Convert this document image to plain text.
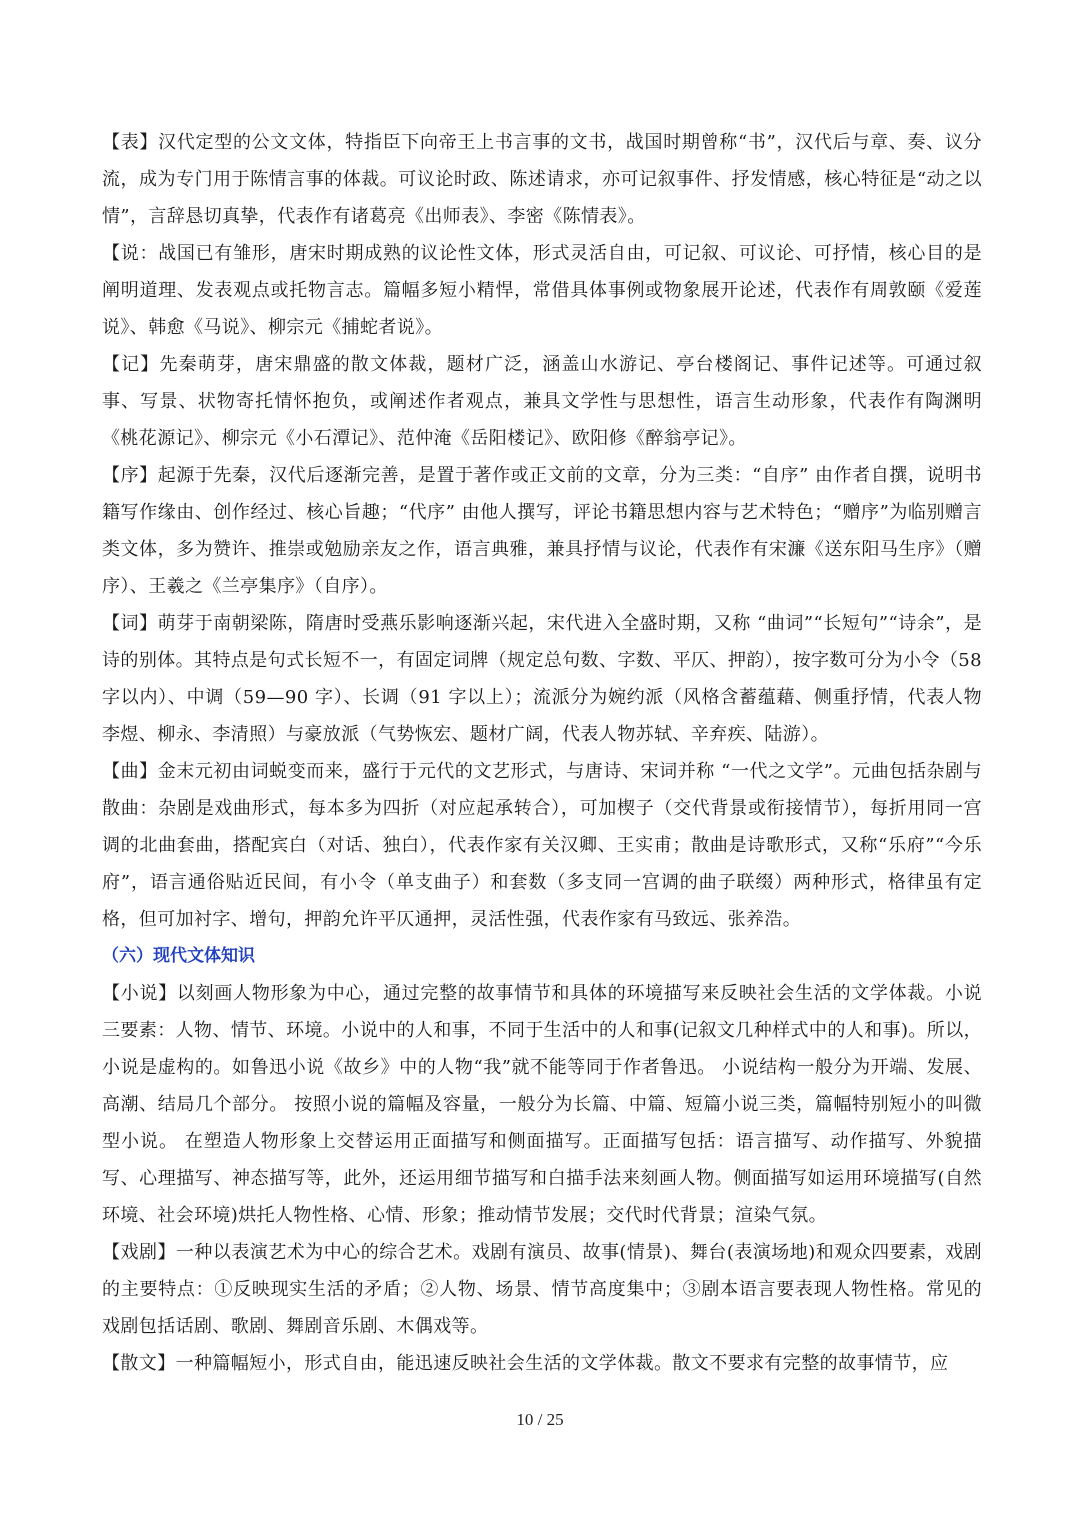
【表】汉代定型的公文文体，特指臣下向帝王上书言事的文书，战国时期曾称“书”，汉代后与章、奏、议分流，成为专门用于陈情言事的体裁。可议论时政、陈述请求，亦可记叙事件、抒发情感，核心特征是“动之以情”，言辞恳切真挚，代表作有诸葛亮《出师表》、李密《陈情表》。

【说：战国已有雏形，唐宋时期成熟的议论性文体，形式灵活自由，可记叙、可议论、可抒情，核心目的是阐明道理、发表观点或托物言志。篇幅多短小精悍，常借具体事例或物象展开论述，代表作有周敦颐《爱莲说》、韩愈《马说》、柳宗元《捕蛇者说》。

【记】先秦萌芽，唐宋鼎盛的散文体裁，题材广泛，涵盖山水游记、亭台楼阁记、事件记述等。可通过叙事、写景、状物寄托情怀抱负，或阐述作者观点，兼具文学性与思想性，语言生动形象，代表作有陶渊明《桃花源记》、柳宗元《小石潭记》、范仲淹《岳阳楼记》、欧阳修《醉翁亭记》。

【序】起源于先秦，汉代后逐渐完善，是置于著作或正文前的文章，分为三类：“自序” 由作者自撰，说明书籍写作缘由、创作经过、核心旨趣；“代序” 由他人撰写，评论书籍思想内容与艺术特色；“赠序”为临别赠言类文体，多为赞许、推崇或勉励亲友之作，语言典雅，兼具抒情与议论，代表作有宋濂《送东阳马生序》（赠序）、王羲之《兰亭集序》（自序）。

【词】萌芽于南朝梁陈，隋唐时受燕乐影响逐渐兴起，宋代进入全盛时期，又称 “曲词”“长短句”“诗余”，是诗的别体。其特点是句式长短不一，有固定词牌（规定总句数、字数、平仄、押韵），按字数可分为小令（58 字以内）、中调（59—90 字）、长调（91 字以上）；流派分为婉约派（风格含蓄蕴藉、侧重抒情，代表人物李煜、柳永、李清照）与豪放派（气势恢宏、题材广阔，代表人物苏轼、辛弃疾、陆游）。

【曲】金末元初由词蜕变而来，盛行于元代的文艺形式，与唐诗、宋词并称 “一代之文学”。元曲包括杂剧与散曲：杂剧是戏曲形式，每本多为四折（对应起承转合），可加楔子（交代背景或衔接情节），每折用同一宫调的北曲套曲，搭配宾白（对话、独白），代表作家有关汉卿、王实甫；散曲是诗歌形式，又称“乐府”“今乐府”，语言通俗贴近民间，有小令（单支曲子）和套数（多支同一宫调的曲子联缀）两种形式，格律虽有定格，但可加衬字、增句，押韵允许平仄通押，灵活性强，代表作家有马致远、张养浩。

（六）现代文体知识

【小说】以刻画人物形象为中心，通过完整的故事情节和具体的环境描写来反映社会生活的文学体裁。小说三要素：人物、情节、环境。小说中的人和事，不同于生活中的人和事(记叙文几种样式中的人和事)。所以，小说是虚构的。如鲁迅小说《故乡》中的人物“我”就不能等同于作者鲁迅。 小说结构一般分为开端、发展、高潮、结局几个部分。 按照小说的篇幅及容量，一般分为长篇、中篇、短篇小说三类，篇幅特别短小的叫微型小说。 在塑造人物形象上交替运用正面描写和侧面描写。正面描写包括：语言描写、动作描写、外貌描写、心理描写、神态描写等，此外，还运用细节描写和白描手法来刻画人物。侧面描写如运用环境描写(自然环境、社会环境)烘托人物性格、心情、形象；推动情节发展；交代时代背景；渲染气氛。

【戏剧】一种以表演艺术为中心的综合艺术。戏剧有演员、故事(情景)、舞台(表演场地)和观众四要素，戏剧的主要特点：①反映现实生活的矛盾；②人物、场景、情节高度集中；③剧本语言要表现人物性格。常见的戏剧包括话剧、歌剧、舞剧音乐剧、木偶戏等。

【散文】一种篇幅短小，形式自由，能迅速反映社会生活的文学体裁。散文不要求有完整的故事情节，应

10 / 25
